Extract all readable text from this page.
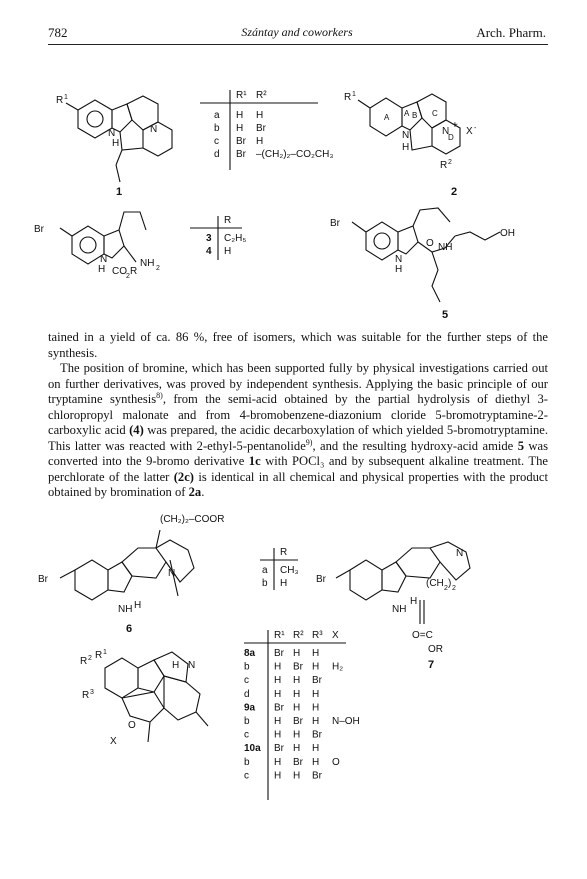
782	Szántay and coworkers	Arch. Pharm.
R 1
N
H
N
R 1
A
A	B C
D
N
H
N
+
X -
R 2
Br
N
H
NH 2
CO 2 R
Br
N
H
O NH
OH
Br
NH H
N
Br
NH
H
(CH 2 ) 2
N
O=C
OR
R 1
R 2
R 3
H N
O
X
1	2
5
6
7
(CH₂)₂–COOR
R¹ R²
a H H
b H Br
c Br H
d Br –(CH₂)₂–CO₂CH₃
R
3 C₂H₅
4 H
R
a CH₃
b H
R¹ R² R³ X
8a Br H H
b H Br H H₂
c	H H Br
d H H H
9a Br H H
b H Br H N–OH
c	H H Br
10a Br H H
b H Br H O
c	H H Br

tained in a yield of ca. 86 %, free of isomers, which was suitable for the further steps of the synthesis.

The position of bromine, which has been supported fully by physical investigations carried out on further derivatives, was proved by independent synthesis. Applying the basic principle of our tryptamine synthesis$^{8)}$, from the semi-acid obtained by the partial hydrolysis of diethyl 3-chloropropyl malonate and from 4-bromobenzene-diazonium cloride 5-bromotryptamine-2-carboxylic acid (4) was prepared, the acidic decarboxylation of which yielded 5-bromotryptamine. This latter was reacted with 2-ethyl-5-pentanolide$^{9)}$, and the resulting hydroxy-acid amide 5 was converted into the 9-bromo derivative 1c with POCl₃ and by subsequent alkaline treatment. The perchlorate of the latter (2c) is identical in all chemical and physical properties with the product obtained by bromination of 2a.
